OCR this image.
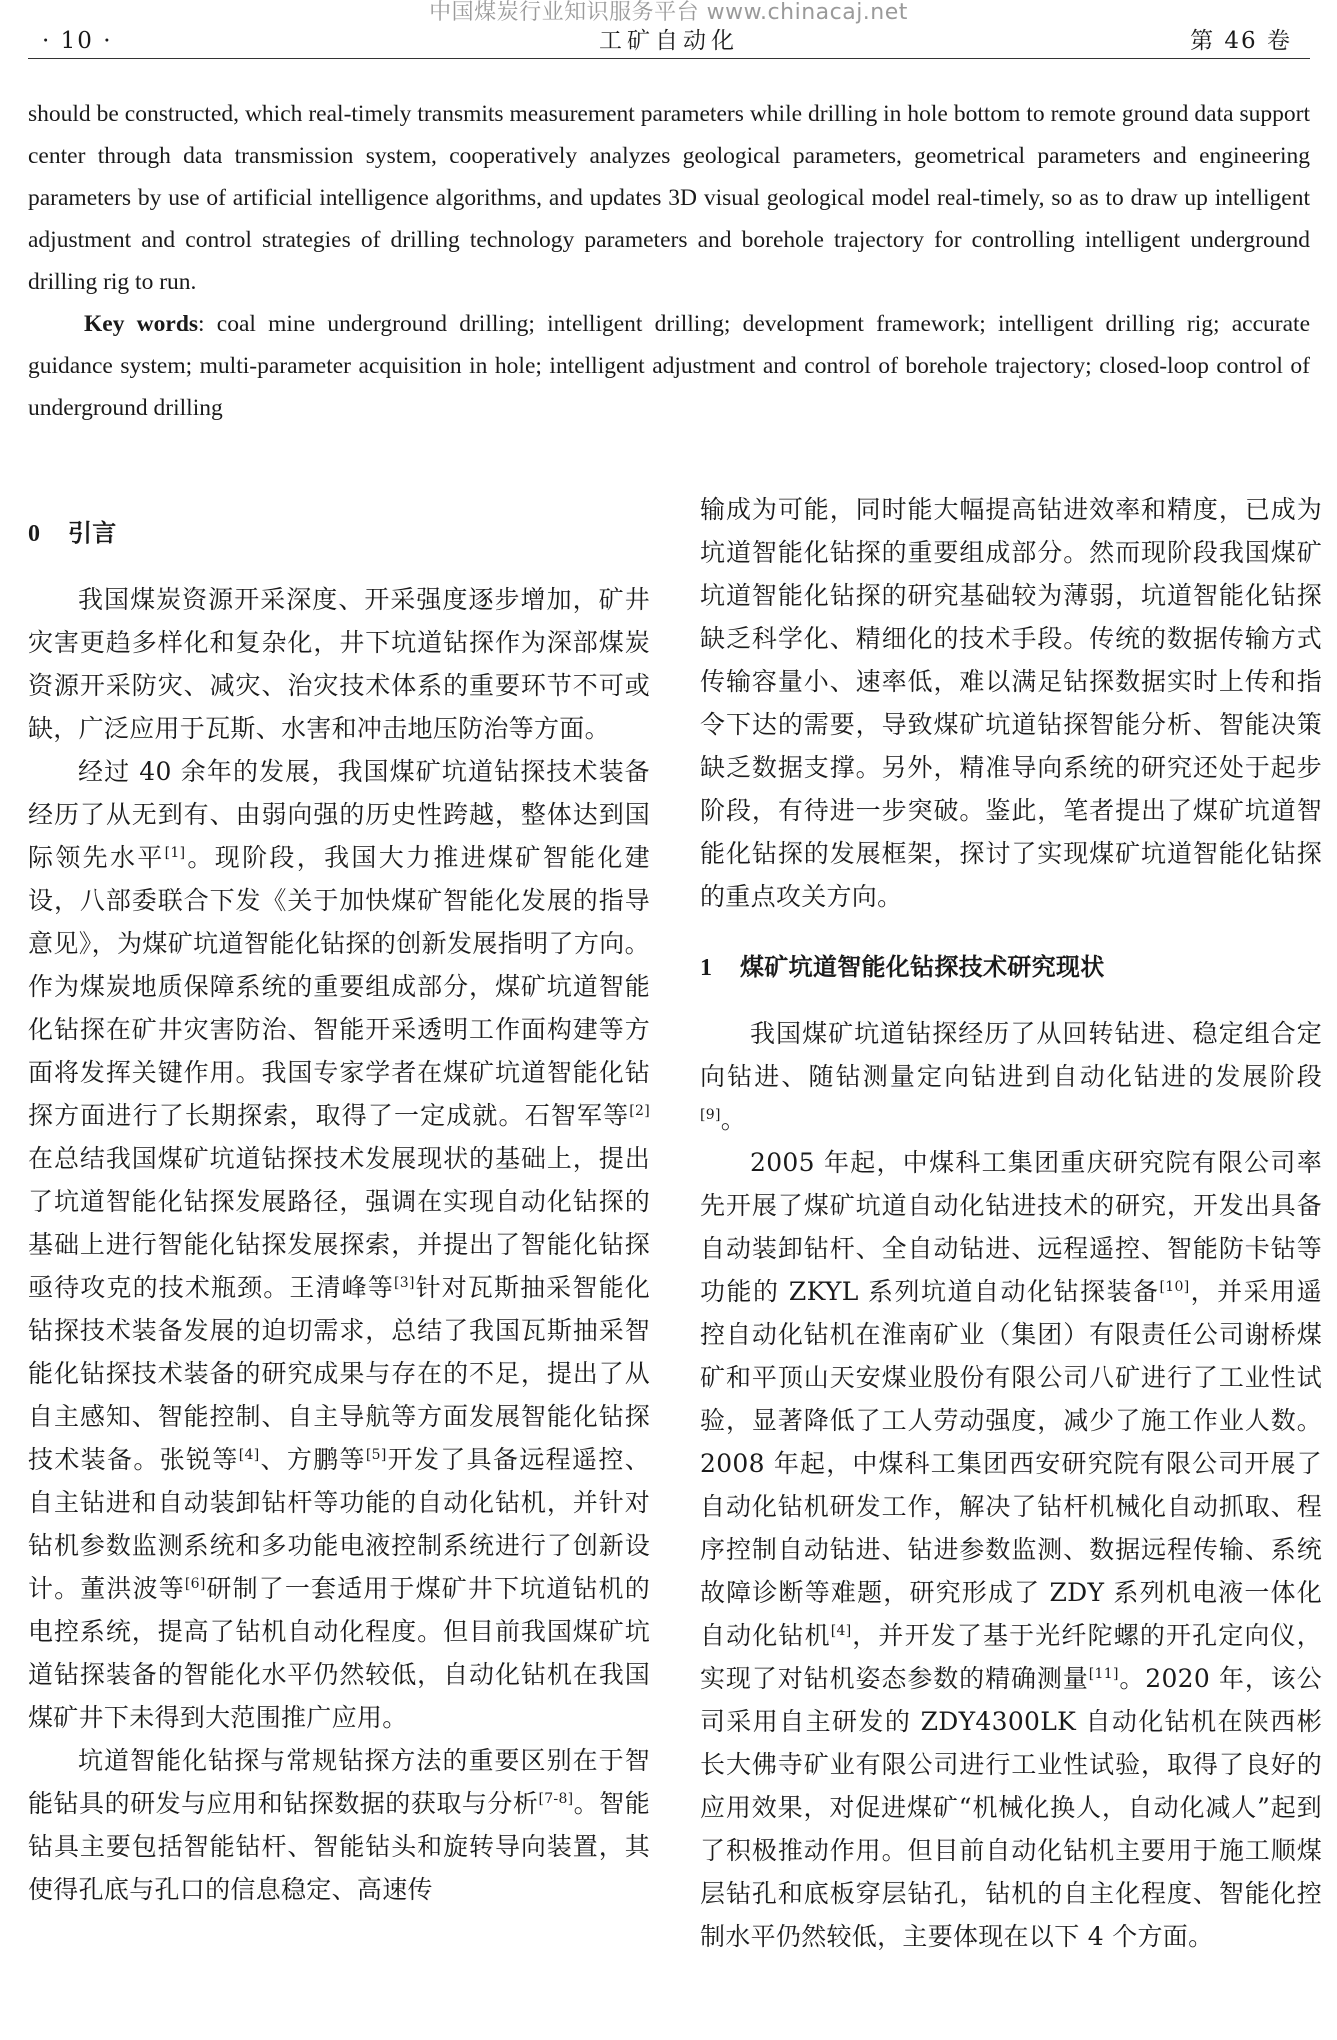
中国煤炭行业知识服务平台 www.chinacaj.net
· 10 ·	工矿自动化	第 46 卷

should be constructed, which real-timely transmits measurement parameters while drilling in hole bottom to remote ground data support center through data transmission system, cooperatively analyzes geological parameters, geometrical parameters and engineering parameters by use of artificial intelligence algorithms, and updates 3D visual geological model real-timely, so as to draw up intelligent adjustment and control strategies of drilling technology parameters and borehole trajectory for controlling intelligent underground drilling rig to run.

Key words: coal mine underground drilling; intelligent drilling; development framework; intelligent drilling rig; accurate guidance system; multi-parameter acquisition in hole; intelligent adjustment and control of borehole trajectory; closed-loop control of underground drilling

0 引言

我国煤炭资源开采深度、开采强度逐步增加，矿井灾害更趋多样化和复杂化，井下坑道钻探作为深部煤炭资源开采防灾、减灾、治灾技术体系的重要环节不可或缺，广泛应用于瓦斯、水害和冲击地压防治等方面。

经过 40 余年的发展，我国煤矿坑道钻探技术装备经历了从无到有、由弱向强的历史性跨越，整体达到国际领先水平[1]。现阶段，我国大力推进煤矿智能化建设，八部委联合下发《关于加快煤矿智能化发展的指导意见》，为煤矿坑道智能化钻探的创新发展指明了方向。作为煤炭地质保障系统的重要组成部分，煤矿坑道智能化钻探在矿井灾害防治、智能开采透明工作面构建等方面将发挥关键作用。我国专家学者在煤矿坑道智能化钻探方面进行了长期探索，取得了一定成就。石智军等[2]在总结我国煤矿坑道钻探技术发展现状的基础上，提出了坑道智能化钻探发展路径，强调在实现自动化钻探的基础上进行智能化钻探发展探索，并提出了智能化钻探亟待攻克的技术瓶颈。王清峰等[3]针对瓦斯抽采智能化钻探技术装备发展的迫切需求，总结了我国瓦斯抽采智能化钻探技术装备的研究成果与存在的不足，提出了从自主感知、智能控制、自主导航等方面发展智能化钻探技术装备。张锐等[4]、方鹏等[5]开发了具备远程遥控、自主钻进和自动装卸钻杆等功能的自动化钻机，并针对钻机参数监测系统和多功能电液控制系统进行了创新设计。董洪波等[6]研制了一套适用于煤矿井下坑道钻机的电控系统，提高了钻机自动化程度。但目前我国煤矿坑道钻探装备的智能化水平仍然较低，自动化钻机在我国煤矿井下未得到大范围推广应用。

坑道智能化钻探与常规钻探方法的重要区别在于智能钻具的研发与应用和钻探数据的获取与分析[7-8]。智能钻具主要包括智能钻杆、智能钻头和旋转导向装置，其使得孔底与孔口的信息稳定、高速传

输成为可能，同时能大幅提高钻进效率和精度，已成为坑道智能化钻探的重要组成部分。然而现阶段我国煤矿坑道智能化钻探的研究基础较为薄弱，坑道智能化钻探缺乏科学化、精细化的技术手段。传统的数据传输方式传输容量小、速率低，难以满足钻探数据实时上传和指令下达的需要，导致煤矿坑道钻探智能分析、智能决策缺乏数据支撑。另外，精准导向系统的研究还处于起步阶段，有待进一步突破。鉴此，笔者提出了煤矿坑道智能化钻探的发展框架，探讨了实现煤矿坑道智能化钻探的重点攻关方向。

1 煤矿坑道智能化钻探技术研究现状

我国煤矿坑道钻探经历了从回转钻进、稳定组合定向钻进、随钻测量定向钻进到自动化钻进的发展阶段[9]。

2005 年起，中煤科工集团重庆研究院有限公司率先开展了煤矿坑道自动化钻进技术的研究，开发出具备自动装卸钻杆、全自动钻进、远程遥控、智能防卡钻等功能的 ZKYL 系列坑道自动化钻探装备[10]，并采用遥控自动化钻机在淮南矿业（集团）有限责任公司谢桥煤矿和平顶山天安煤业股份有限公司八矿进行了工业性试验，显著降低了工人劳动强度，减少了施工作业人数。2008 年起，中煤科工集团西安研究院有限公司开展了自动化钻机研发工作，解决了钻杆机械化自动抓取、程序控制自动钻进、钻进参数监测、数据远程传输、系统故障诊断等难题，研究形成了 ZDY 系列机电液一体化自动化钻机[4]，并开发了基于光纤陀螺的开孔定向仪，实现了对钻机姿态参数的精确测量[11]。2020 年，该公司采用自主研发的 ZDY4300LK 自动化钻机在陕西彬长大佛寺矿业有限公司进行工业性试验，取得了良好的应用效果，对促进煤矿“机械化换人，自动化减人”起到了积极推动作用。但目前自动化钻机主要用于施工顺煤层钻孔和底板穿层钻孔，钻机的自主化程度、智能化控制水平仍然较低，主要体现在以下 4 个方面。
